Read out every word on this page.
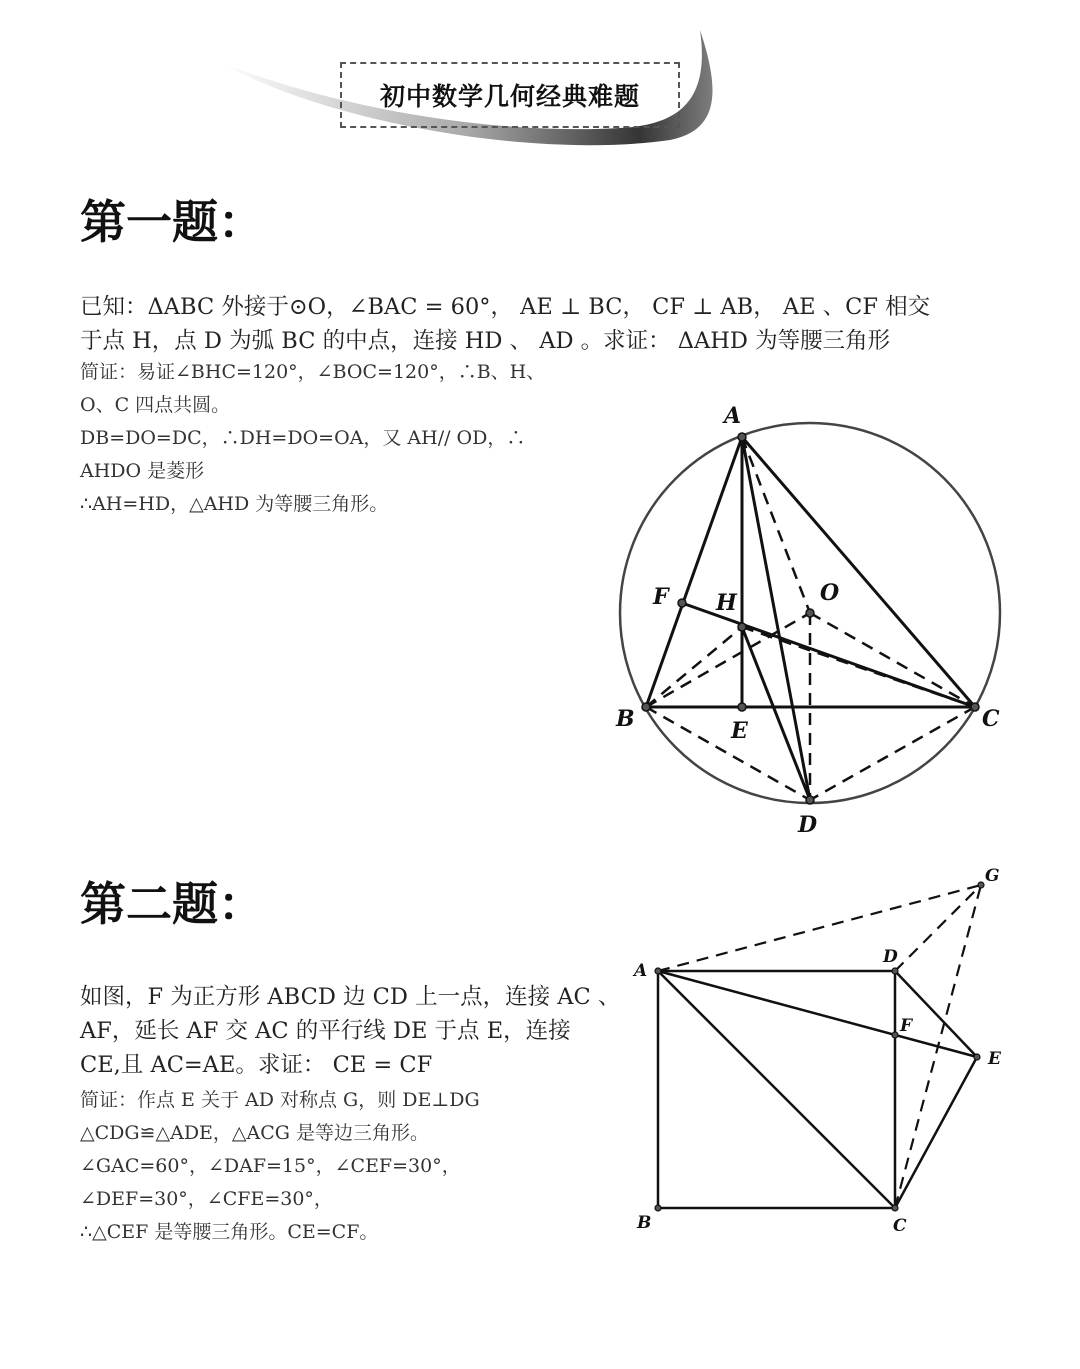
初中数学几何经典难题
第一题：
已知：ΔABC 外接于⊙O，∠BAC = 60°， AE ⊥ BC， CF ⊥ AB， AE 、CF 相交
于点 H，点 D 为弧 BC 的中点，连接 HD 、 AD 。求证： ΔAHD 为等腰三角形
简证：易证∠BHC=120°，∠BOC=120°，∴B、H、
O、C 四点共圆。
DB=DO=DC，∴DH=DO=OA，又 AH// OD，∴
AHDO 是菱形
∴AH=HD，△AHD 为等腰三角形。
A
B	C
D
E
F H	O
第二题：
如图，F 为正方形 ABCD 边 CD 上一点，连接 AC 、
AF，延长 AF 交 AC 的平行线 DE 于点 E，连接
CE,且 AC=AE。求证： CE = CF
简证：作点 E 关于 AD 对称点 G，则 DE⊥DG
△CDG≌△ADE，△ACG 是等边三角形。
∠GAC=60°，∠DAF=15°，∠CEF=30°，
∠DEF=30°，∠CFE=30°，
∴△CEF 是等腰三角形。CE=CF。
A
B	C
D
E
F
G
